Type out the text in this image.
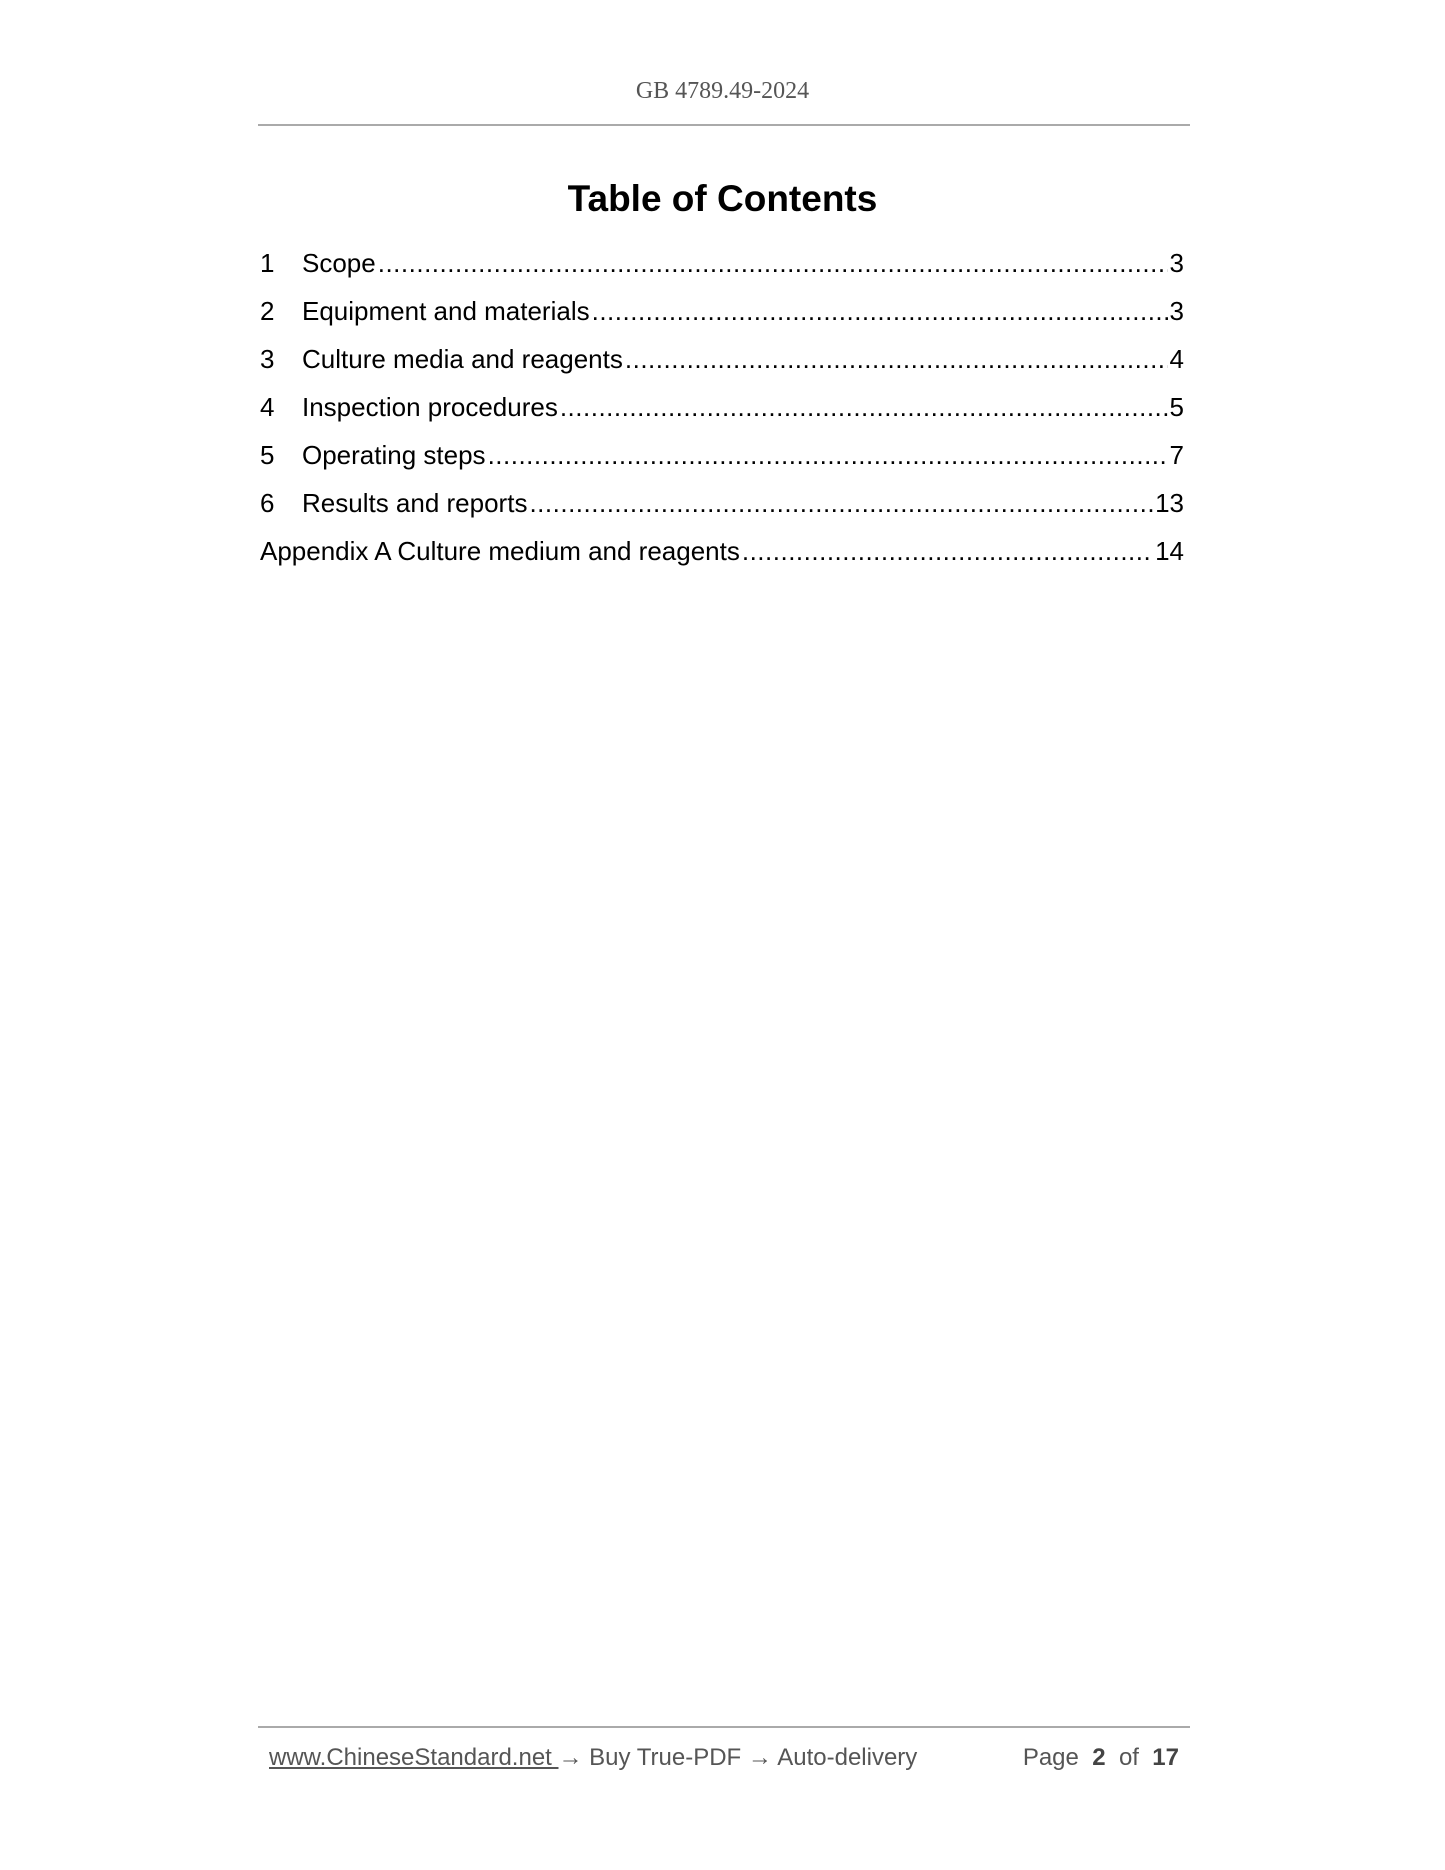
GB 4789.49-2024
Table of Contents
1	Scope .....	3
2	Equipment and materials .....	3
3	Culture media and reagents .....	4
4	Inspection procedures .....	5
5	Operating steps .....	7
6	Results and reports .....	13
Appendix A Culture medium and reagents .....	14
www.ChineseStandard.net → Buy True-PDF → Auto-delivery	Page 2 of 17
